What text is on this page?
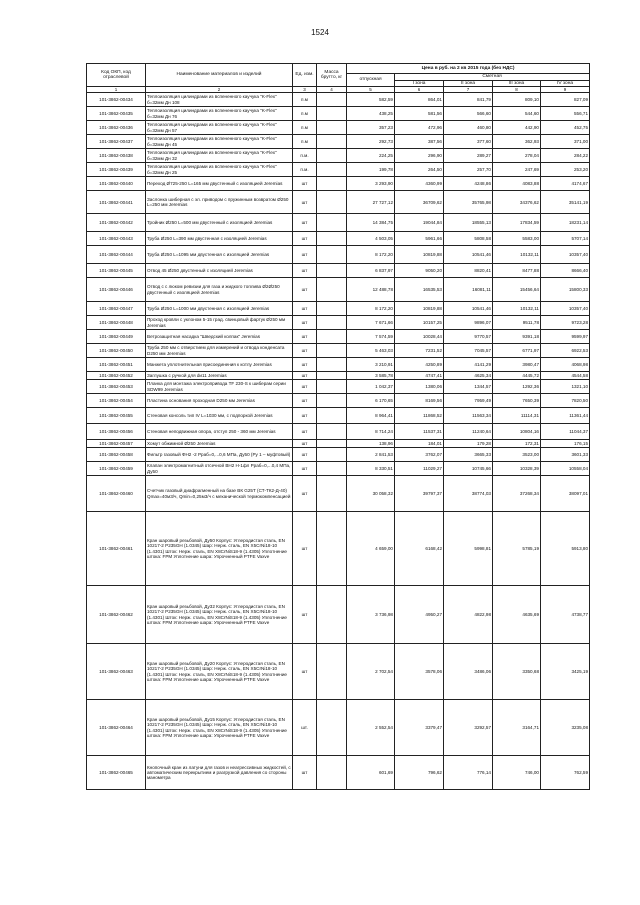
1524
Код ОКП, код отраслевой	Наименование материалов и изделий	Ед. изм.	Масса брутто, кг	Цена в руб. на 2 кв 2015 года (без НДС)				
				отпускная	Сметная			
					I зона	II зона	III зона	IV зона
1	2	3	4	5	6	7	8	9
101-3862-00434	Теплоизоляция цилиндрами из вспененного каучука "K-Flex" б=32мм Дн 108	п.м		582,59	864,01	841,79	809,10	827,09
101-3862-00435	Теплоизоляция цилиндрами из вспененного каучука "K-Flex" б=32мм Дн 76	п.м		438,25	581,56	566,60	544,60	556,71
101-3862-00436	Теплоизоляция цилиндрами из вспененного каучука "K-Flex" б=32мм Дн 57	п.м		357,23	472,96	460,80	442,90	452,75
101-3862-00437	Теплоизоляция цилиндрами из вспененного каучука "K-Flex" б=32мм Дн 45	п.м		292,73	387,56	377,60	362,93	371,00
101-3862-00438	Теплоизоляция цилиндрами из вспененного каучука "K-Flex" б=32мм Дн 32	п.м.		224,25	296,90	289,27	278,04	284,22
101-3862-00439	Теплоизоляция цилиндрами из вспененного каучука "K-Flex" б=32мм Дн 25	п.м.		199,78	264,50	257,70	247,69	253,20
101-3862-00440	Переход Ø725-250 L=165 мм двустенный с изоляцией Jeremias	шт		3 293,90	4360,99	4248,86	4083,88	4174,67
101-3862-00441	Заслонка шиберная с эл. приводом с пружинным возвратом Ø250 L=250 мм Jeremias	шт		27 727,12	36709,62	35765,98	34376,62	35141,19
101-3862-00442	Тройник Ø250 L=500 мм двустенный с изоляцией Jeremias	шт		14 384,75	19044,84	18555,13	17834,59	18231,14
101-3862-00443	Труба Ø250 L=390 мм двустенная с изоляцией Jeremias	шт		4 503,05	5961,66	5808,58	5583,00	5707,14
101-3862-00444	Труба Ø250 L=1095 мм двустенная с изоляцией Jeremias	шт		8 172,20	10819,88	10541,46	10132,11	10357,40
101-3862-00445	Отвод 45 Ø250 двустенный с изоляцией Jeremias	шт		6 837,97	9050,20	8820,41	8477,88	8666,40
101-3862-00446	Отвод с с люком ревизии для газа и жидкого топлива Ø2Ø250 двустенный с изоляцией Jeremias	шт		12 488,78	16535,53	16081,11	15456,64	15800,33
101-3862-00447	Труба Ø250 L=1000 мм двустенная с изоляцией Jeremias	шт		8 172,20	10819,88	10541,46	10132,11	10357,40
101-3862-00448	Проход кровли с уклоном 5-15 град. свинцовый фартук Ø250 мм Jeremias	шт		7 671,66	10157,25	9896,07	9511,78	9723,28
101-3862-00449	Ветрозащитная насадка "Шведский колпак" Jeremias	шт		7 574,59	10028,44	9770,57	9391,18	9599,97
101-3862-00450	Труба 250 мм с отверстием для измерений и отвода конденсата D250 мм Jeremias	шт		5 463,03	7231,52	7045,57	6771,97	6922,53
101-3862-00451	Манжета уплотнительная присоединения к котлу Jeremias	шт		3 210,91	4250,89	4141,29	3980,47	4068,98
101-3862-00452	Заглушка с ручкой для dи11 Jeremias	шт		3 585,78	4747,41	4625,34	4445,72	4544,58
101-3862-00453	Планка для монтажа электропривода TF 230-S к шиберам серии SDW99 Jeremias	шт		1 042,37	1380,06	1344,57	1292,36	1321,10
101-3862-00454	Пластина основания проходная D250 мм Jeremias	шт		6 170,65	8169,56	7959,49	7650,39	7820,50
101-3862-00455	Стеновая консоль тип IV L=1030 мм, с подпоркой Jeremias	шт		8 964,41	11868,52	11563,34	11114,31	11361,44
101-3862-00456	Стеновая неподвижная опора, отступ 250 - 360 мм Jeremias	шт		8 714,24	11537,31	11240,64	10804,16	11044,37
101-3862-00457	Хомут обжимной Ø250 Jeremias	шт		138,96	184,01	179,28	172,31	176,15
101-3862-00458	Фильтр газовый ФН2 -2 Рраб=0,...0,6 МПа, Ду50 (Ру 1 – муфтовый)	шт		2 841,53	3762,07	3665,33	3523,00	3601,33
101-3862-00459	Клапан электромагнитный отсечной ВН2 Н-1фл Рраб=0,...0,4 МПа, Ду50	шт		8 330,51	11029,27	10745,66	10328,39	10558,04
101-3862-00460	Счетчик газовый диафрагменный на базе ВК G25Т (СТ-ТК2-Д-40) Qmax=40м3/ч, Qmin=0,25м3/ч с механической термокомпенсацией	шт		30 058,32	39797,37	38774,03	37268,34	38097,01
101-3862-00461	Кран шаровый резьбовой, Ду50 Корпус: Углеродистая сталь, EN 10217-2 P235GH (1.0345) Шар: Нерж. сталь, EN X5CrNi18-10 (1.4301) Шток: Нерж. сталь, EN X8CrNiS18-9 (1.4305) Уплотнение штока: FPM Уплотнение шара: Упрочненный PTFE Vaxve	шт		4 659,00	6168,42	5998,81	5785,19	5913,80
101-3862-00462	Кран шаровый резьбовой, Ду32 Корпус: Углеродистая сталь, EN 10217-2 P235GH (1.0345) Шар: Нерж. сталь, EN X5CrNi18-10 (1.4301) Шток: Нерж. сталь, EN X8CrNiS18-9 (1.4305) Уплотнение штока: FPM Уплотнение шара: Упрочненный PTFE Vaxve	шт		3 736,98	4950,27	4822,98	4635,69	4738,77
101-3862-00463	Кран шаровый резьбовой, Ду20 Корпус: Углеродистая сталь, EN 10217-2 P235GH (1.0345) Шар: Нерж. сталь, EN X5CrNi18-10 (1.4301) Шток: Нерж. сталь, EN X8CrNiS18-9 (1.4305) Уплотнение штока: FPM Уплотнение шара: Упрочненный PTFE Vaxve	шт		2 702,54	3578,06	3486,06	3350,68	3425,19
101-3862-00464	Кран шаровый резьбовой, Ду15 Корпус: Углеродистая сталь, EN 10217-2 P235GH (1.0345) Шар: Нерж. сталь, EN X5CrNi18-10 (1.4301) Шток: Нерж. сталь, EN X8CrNiS18-9 (1.4305) Уплотнение штока: FPM Уплотнение шара: Упрочненный PTFE Vaxve	шт.		2 552,54	3379,47	3292,57	3164,71	3235,08
101-3862-00465	Кнопочный кран из латуни для газов и неагрессивных жидкостей, с автоматическим перекрытием и разгрузкой давления со стороны манометра	шт		601,69	796,62	776,14	746,00	762,59
